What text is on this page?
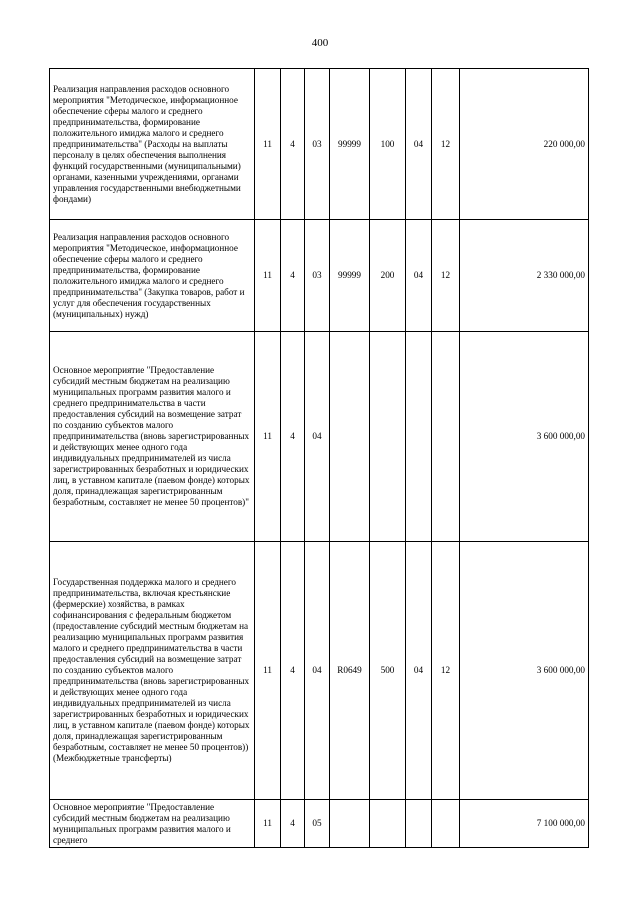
400
Реализация направления расходов основного мероприятия "Методическое, информационное обеспечение сферы малого и среднего предпринимательства, формирование положительного имиджа малого и среднего предпринимательства" (Расходы на выплаты персоналу в целях обеспечения выполнения функций государственными (муниципальными) органами, казенными учреждениями, органами управления государственными внебюджетными фондами)	11	4	03	99999	100	04	12	220 000,00
Реализация направления расходов основного мероприятия "Методическое, информационное обеспечение сферы малого и среднего предпринимательства, формирование положительного имиджа малого и среднего предпринимательства" (Закупка товаров, работ и услуг для обеспечения государственных (муниципальных) нужд)	11	4	03	99999	200	04	12	2 330 000,00
Основное мероприятие "Предоставление субсидий местным бюджетам на реализацию муниципальных программ развития малого и среднего предпринимательства в части предоставления субсидий на возмещение затрат по созданию субъектов малого предпринимательства (вновь зарегистрированных и действующих менее одного года индивидуальных предпринимателей из числа зарегистрированных безработных и юридических лиц, в уставном капитале (паевом фонде) которых доля, принадлежащая зарегистрированным безработным, составляет не менее 50 процентов)"	11	4	04					3 600 000,00
Государственная поддержка малого и среднего предпринимательства, включая крестьянские (фермерские) хозяйства, в рамках софинансирования с федеральным бюджетом (предоставление субсидий местным бюджетам на реализацию муниципальных программ развития малого и среднего предпринимательства в части предоставления субсидий на возмещение затрат по созданию субъектов малого предпринимательства (вновь зарегистрированных и действующих менее одного года индивидуальных предпринимателей из числа зарегистрированных безработных и юридических лиц, в уставном капитале (паевом фонде) которых доля, принадлежащая зарегистрированным безработным, составляет не менее 50 процентов)) (Межбюджетные трансферты)	11	4	04	R0649	500	04	12	3 600 000,00
Основное мероприятие "Предоставление субсидий местным бюджетам на реализацию муниципальных программ развития малого и среднего	11	4	05					7 100 000,00
